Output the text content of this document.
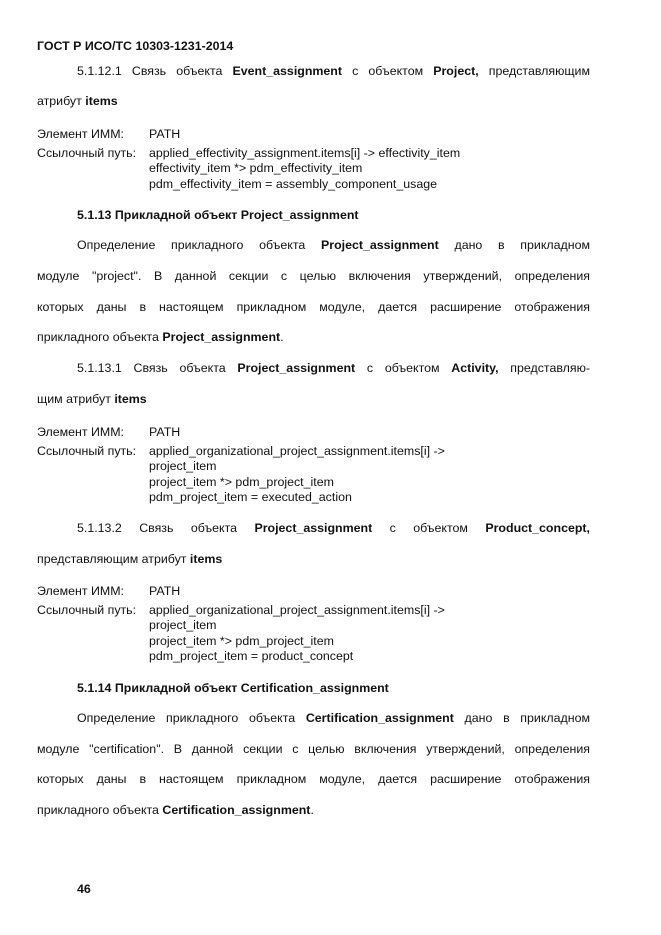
ГОСТ Р ИСО/ТС 10303-1231-2014
5.1.12.1 Связь объекта Event_assignment с объектом Project, представляющим
атрибут items
Элемент ИММ: PATH
Ссылочный путь: applied_effectivity_assignment.items[i] -> effectivity_item
effectivity_item *> pdm_effectivity_item
pdm_effectivity_item = assembly_component_usage
5.1.13 Прикладной объект Project_assignment
Определение прикладного объекта Project_assignment дано в прикладном
модуле "project". В данной секции с целью включения утверждений, определения
которых даны в настоящем прикладном модуле, дается расширение отображения
прикладного объекта Project_assignment.
5.1.13.1 Связь объекта Project_assignment с объектом Activity, представляю-
щим атрибут items
Элемент ИММ: PATH
Ссылочный путь: applied_organizational_project_assignment.items[i] ->
project_item
project_item *> pdm_project_item
pdm_project_item = executed_action
5.1.13.2 Связь объекта Project_assignment с объектом Product_concept,
представляющим атрибут items
Элемент ИММ: PATH
Ссылочный путь: applied_organizational_project_assignment.items[i] ->
project_item
project_item *> pdm_project_item
pdm_project_item = product_concept
5.1.14 Прикладной объект Certification_assignment
Определение прикладного объекта Certification_assignment дано в прикладном
модуле "certification". В данной секции с целью включения утверждений, определения
которых даны в настоящем прикладном модуле, дается расширение отображения
прикладного объекта Certification_assignment.
46
